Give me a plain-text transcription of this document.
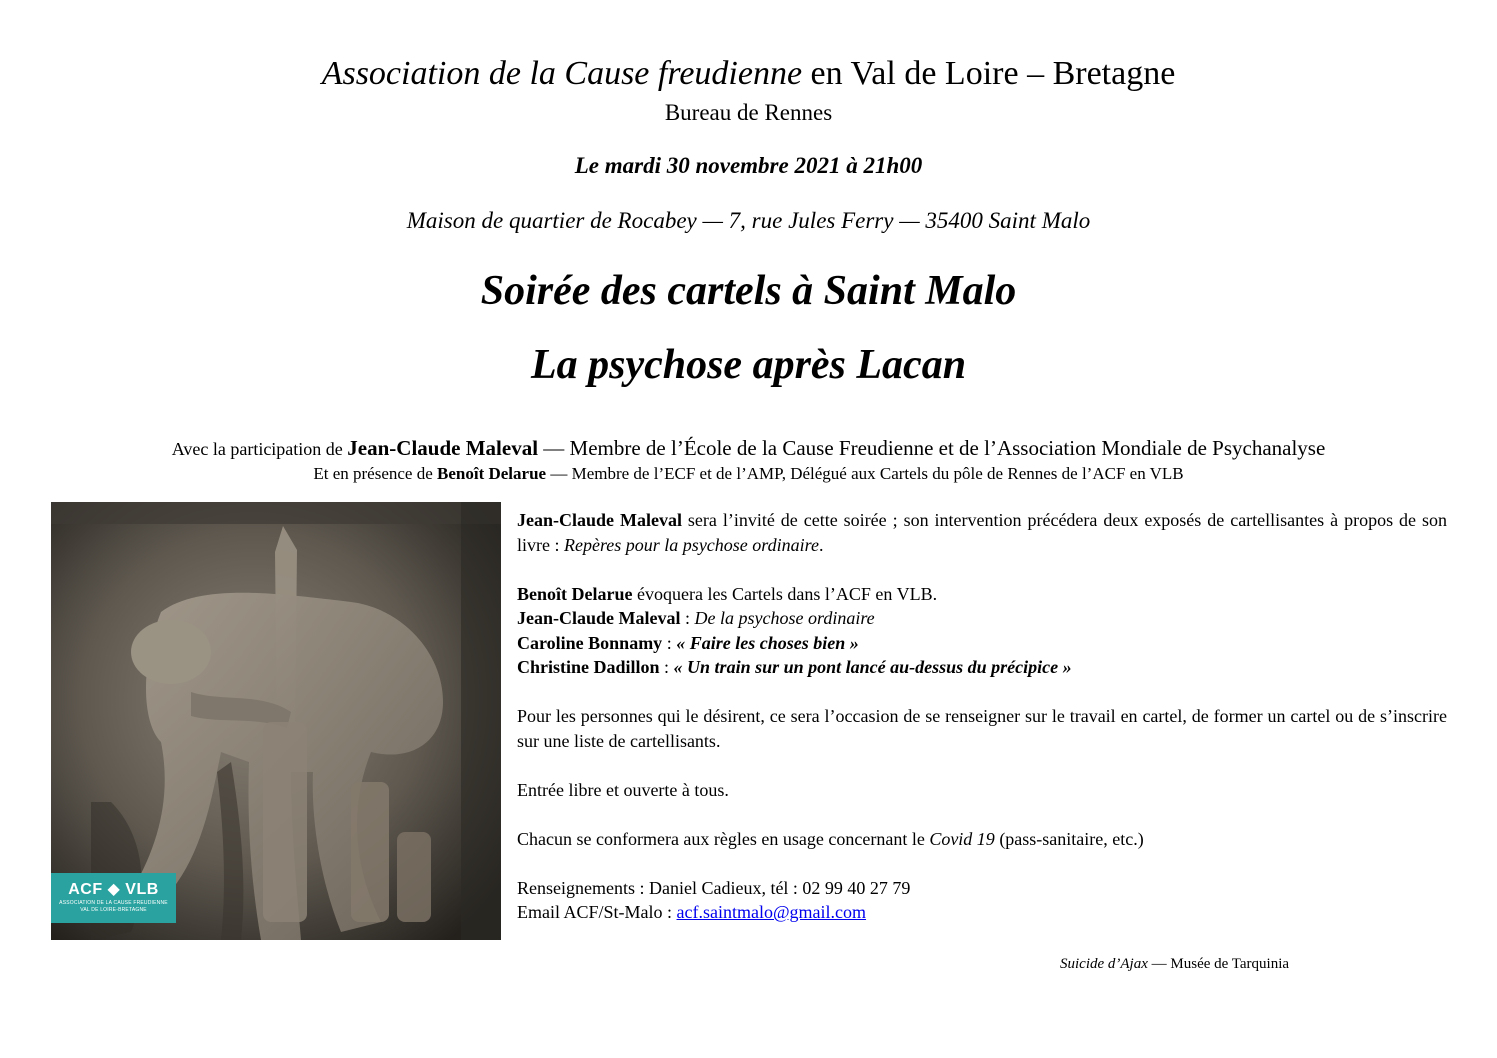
Association de la Cause freudienne en Val de Loire – Bretagne
Bureau de Rennes
Le mardi 30 novembre 2021 à 21h00
Maison de quartier de Rocabey — 7, rue Jules Ferry — 35400 Saint Malo
Soirée des cartels à Saint Malo
La psychose après Lacan
Avec la participation de Jean-Claude Maleval — Membre de l’École de la Cause Freudienne et de l’Association Mondiale de Psychanalyse
Et en présence de Benoît Delarue — Membre de l’ECF et de l’AMP, Délégué aux Cartels du pôle de Rennes de l’ACF en VLB
ACF ◆ VLB
ASSOCIATION DE LA CAUSE FREUDIENNE
VAL DE LOIRE-BRETAGNE

Jean-Claude Maleval sera l’invité de cette soirée ; son intervention précédera deux exposés de cartellisantes à propos de son livre : Repères pour la psychose ordinaire.

Benoît Delarue évoquera les Cartels dans l’ACF en VLB.

Jean-Claude Maleval : De la psychose ordinaire

Caroline Bonnamy : « Faire les choses bien »

Christine Dadillon : « Un train sur un pont lancé au-dessus du précipice »

Pour les personnes qui le désirent, ce sera l’occasion de se renseigner sur le travail en cartel, de former un cartel ou de s’inscrire sur une liste de cartellisants.

Entrée libre et ouverte à tous.

Chacun se conformera aux règles en usage concernant le Covid 19 (pass-sanitaire, etc.)

Renseignements : Daniel Cadieux, tél : 02 99 40 27 79

Email ACF/St-Malo : acf.saintmalo@gmail.com

Suicide d’Ajax — Musée de Tarquinia
